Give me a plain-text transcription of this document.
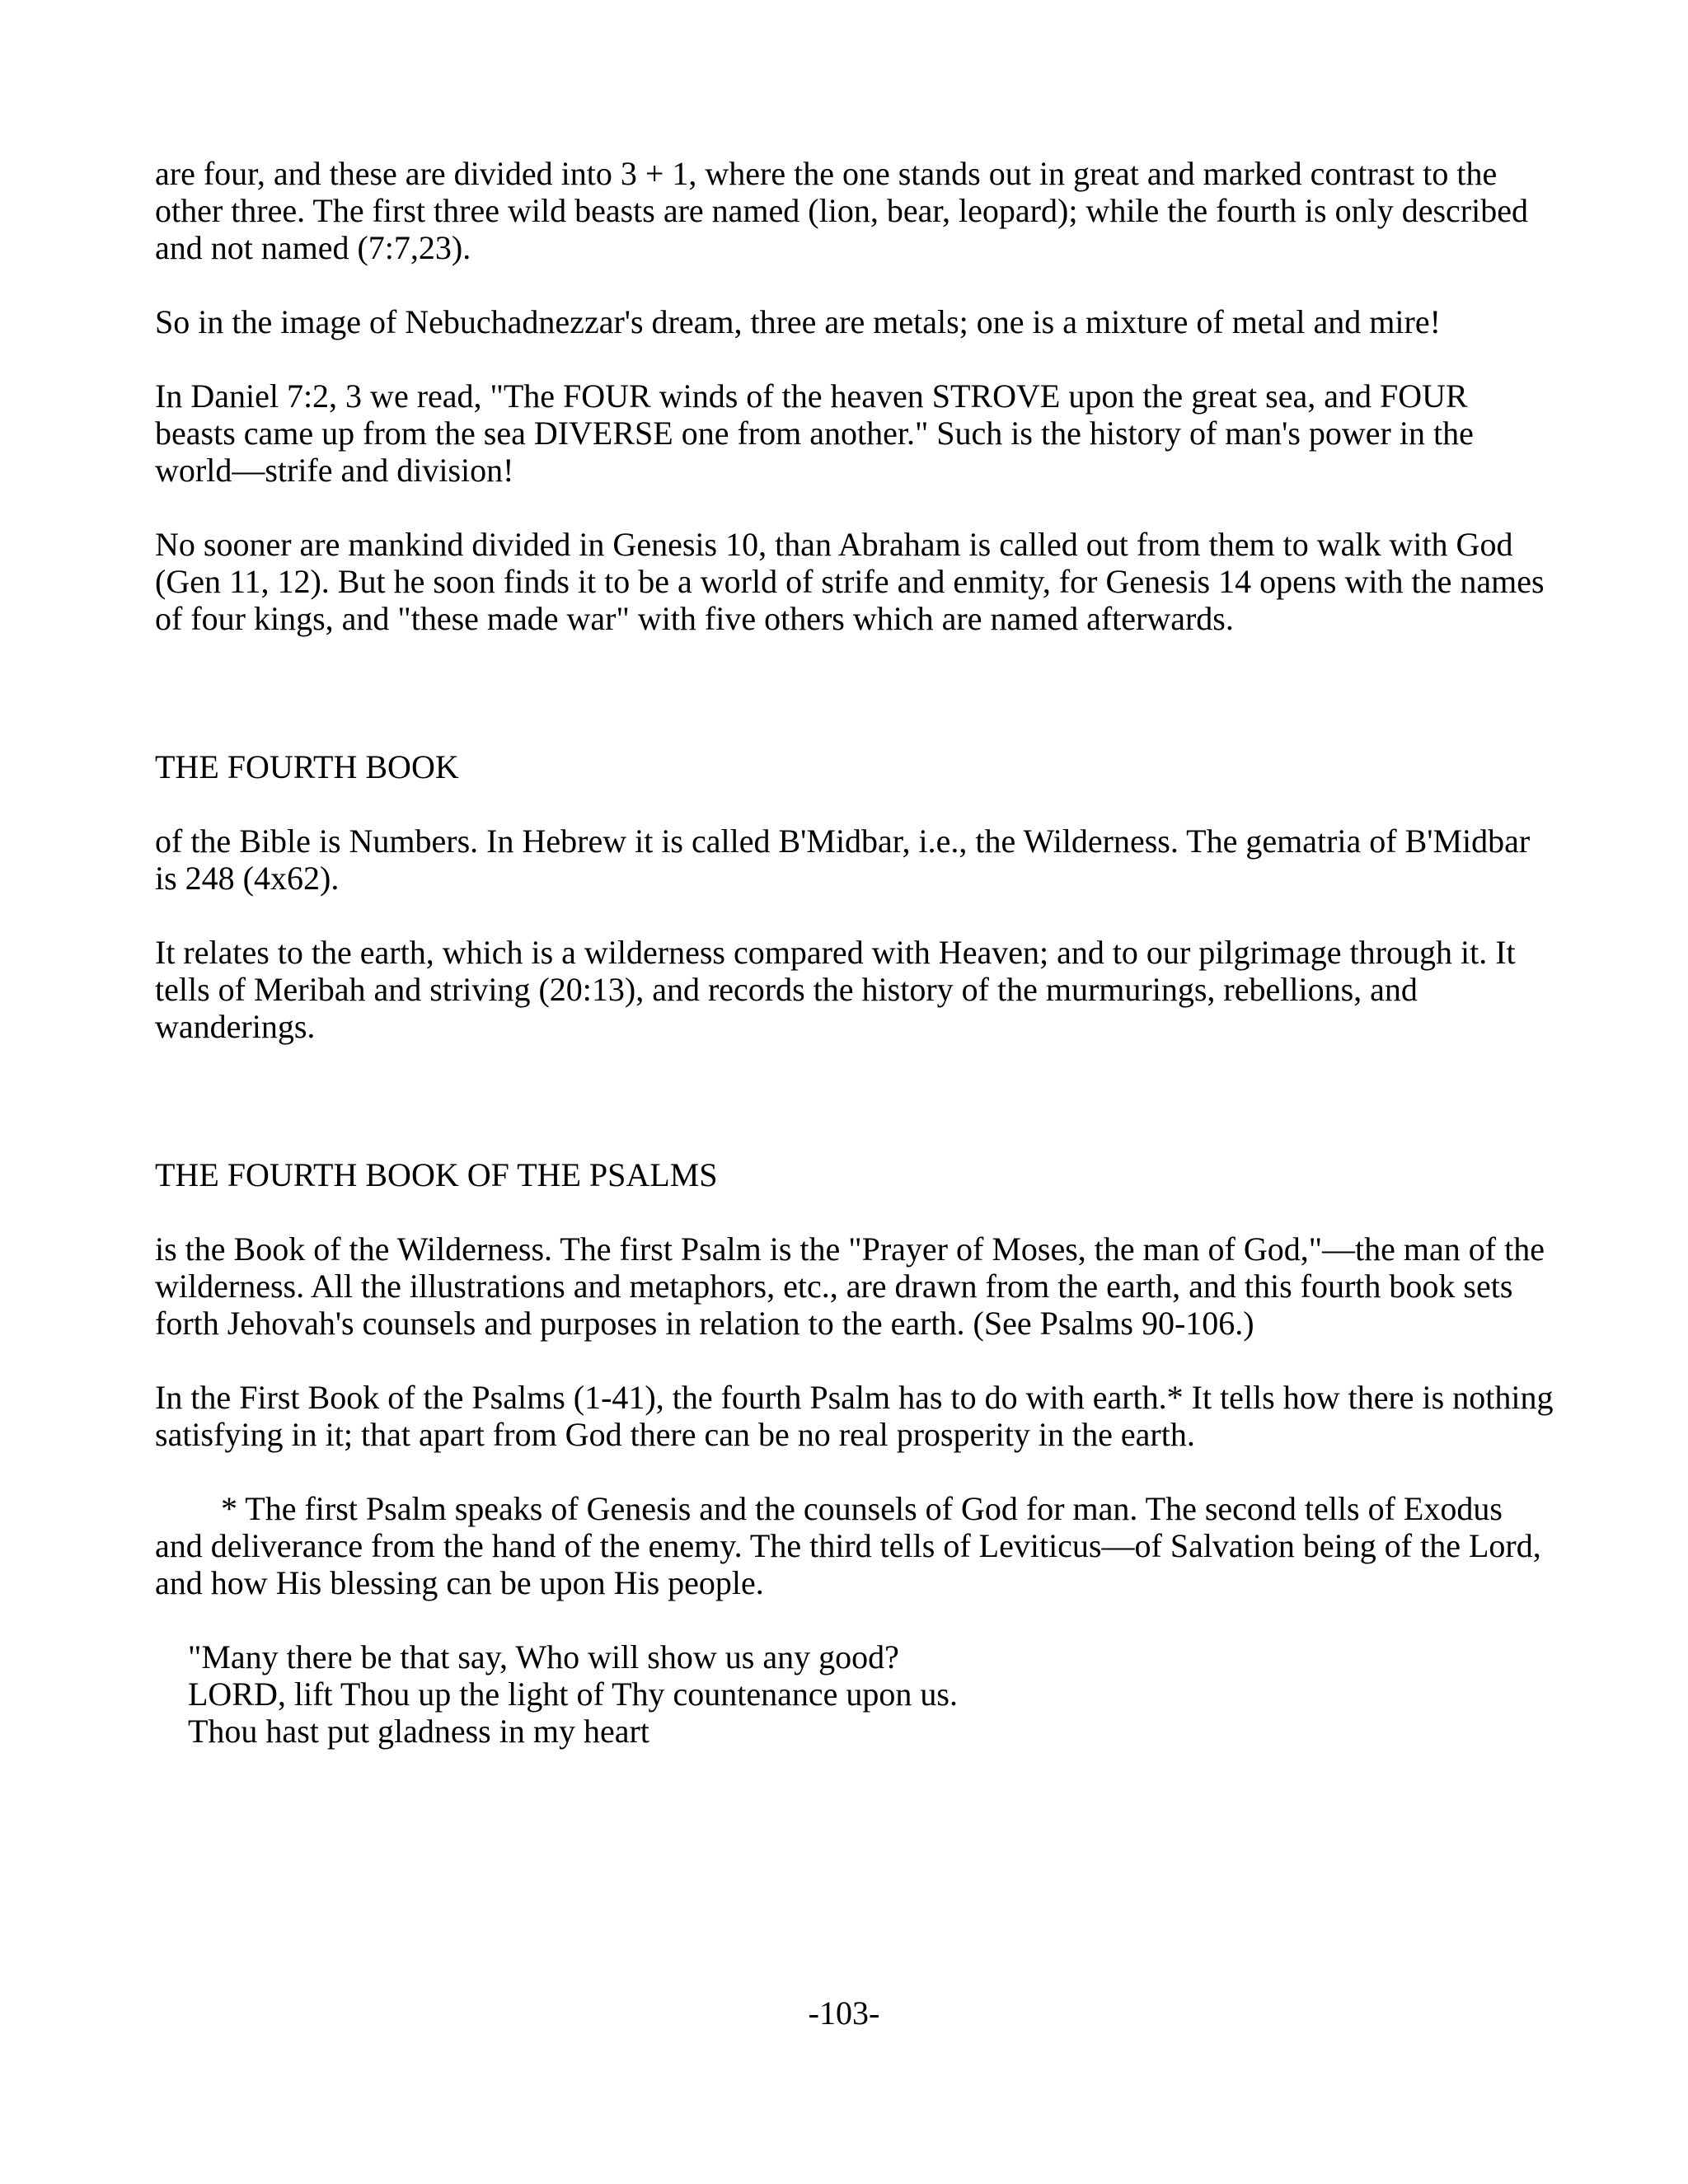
are four, and these are divided into 3 + 1, where the one stands out in great and marked contrast to the other three. The first three wild beasts are named (lion, bear, leopard); while the fourth is only described and not named (7:7,23).

So in the image of Nebuchadnezzar's dream, three are metals; one is a mixture of metal and mire!

In Daniel 7:2, 3 we read, "The FOUR winds of the heaven STROVE upon the great sea, and FOUR beasts came up from the sea DIVERSE one from another." Such is the history of man's power in the world—strife and division!

No sooner are mankind divided in Genesis 10, than Abraham is called out from them to walk with God (Gen 11, 12). But he soon finds it to be a world of strife and enmity, for Genesis 14 opens with the names of four kings, and "these made war" with five others which are named afterwards.

THE FOURTH BOOK

of the Bible is Numbers. In Hebrew it is called B'Midbar, i.e., the Wilderness. The gematria of B'Midbar is 248 (4x62).

It relates to the earth, which is a wilderness compared with Heaven; and to our pilgrimage through it. It tells of Meribah and striving (20:13), and records the history of the murmurings, rebellions, and wanderings.

THE FOURTH BOOK OF THE PSALMS

is the Book of the Wilderness. The first Psalm is the "Prayer of Moses, the man of God,"—the man of the wilderness. All the illustrations and metaphors, etc., are drawn from the earth, and this fourth book sets forth Jehovah's counsels and purposes in relation to the earth. (See Psalms 90-106.)

In the First Book of the Psalms (1-41), the fourth Psalm has to do with earth.* It tells how there is nothing satisfying in it; that apart from God there can be no real prosperity in the earth.

* The first Psalm speaks of Genesis and the counsels of God for man. The second tells of Exodus and deliverance from the hand of the enemy. The third tells of Leviticus—of Salvation being of the Lord, and how His blessing can be upon His people.

"Many there be that say, Who will show us any good?
LORD, lift Thou up the light of Thy countenance upon us.
Thou hast put gladness in my heart
-103-
